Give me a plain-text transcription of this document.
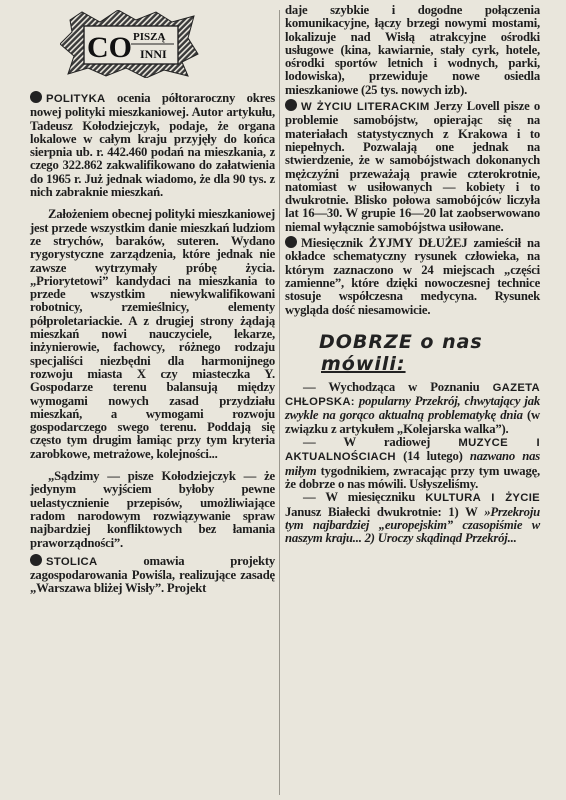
CO PISZĄ
INNI

POLITYKA ocenia półtoraroczny okres nowej polityki mieszkaniowej. Autor artykułu, Tadeusz Kołodziejczyk, podaje, że organa lokalowe w całym kraju przyjęły do końca sierpnia ub. r. 442.460 podań na mieszkania, z czego 322.862 zakwalifikowano do załatwienia do 1965 r. Już jednak wiadomo, że dla 90 tys. z nich zabraknie mieszkań.

Założeniem obecnej polityki mieszkaniowej jest przede wszystkim danie mieszkań ludziom ze strychów, baraków, suteren. Wydano rygorystyczne zarządzenia, które jednak nie zawsze wytrzymały próbę życia. „Priorytetowi” kandydaci na mieszkania to przede wszystkim niewykwalifikowani robotnicy, rzemieślnicy, elementy półproletariackie. A z drugiej strony żądają mieszkań nowi nauczyciele, lekarze, inżynierowie, fachowcy, różnego rodzaju specjaliści niezbędni dla harmonijnego rozwoju miasta X czy miasteczka Y. Gospodarze terenu balansują między wymogami nowych zasad przydziału mieszkań, a wymogami rozwoju gospodarczego swego terenu. Poddają się często tym drugim łamiąc przy tym kryteria zarobkowe, metrażowe, kolejności...

„Sądzimy — pisze Kołodziejczyk — że jedynym wyjściem byłoby pewne uelastycznienie przepisów, umożliwiające radom narodowym rozwiązywanie spraw najbardziej konfliktowych bez łamania praworządności”.

STOLICA	omawia projekty zagospodarowania Powiśla, realizujące zasadę „Warszawa bliżej Wisły”. Projekt

daje szybkie i dogodne połączenia komunikacyjne, łączy brzegi nowymi mostami, lokalizuje nad Wisłą atrakcyjne ośrodki usługowe (kina, kawiarnie, stały cyrk, hotele, ośrodki sportów letnich i wodnych, parki, lodowiska), przewiduje nowe osiedla mieszkaniowe (25 tys. nowych izb).

W ŻYCIU LITERACKIM Jerzy Lovell pisze o problemie samobójstw, opierając się na materiałach statystycznych z Krakowa i to niepełnych. Pozwalają one jednak na stwierdzenie, że w samobójstwach dokonanych mężczyźni przeważają prawie czterokrotnie, natomiast w usiłowanych — kobiety i to dwukrotnie. Blisko połowa samobójców liczyła lat 16—30. W grupie 16—20 lat zaobserwowano niemal wyłącznie samobójstwa usiłowane.

Miesięcznik ŻYJMY DŁUŻEJ zamieścił na okładce schematyczny rysunek człowieka, na którym zaznaczono w 24 miejscach „części zamienne”, które dzięki nowoczesnej technice stosuje współczesna medycyna. Rysunek wygląda dość niesamowicie.

DOBRZE o nas
mówili:

— Wychodząca w Poznaniu GAZETA CHŁOPSKA: popularny Przekrój, chwytający jak zwykle na gorąco aktualną problematykę dnia (w związku z artykułem „Kolejarska walka”).

— W radiowej MUZYCE I AKTUALNOŚCIACH (14 lutego) nazwano nas miłym tygodnikiem, zwracając przy tym uwagę, że dobrze o nas mówili. Usłyszeliśmy.

— W miesięczniku KULTURA I ŻYCIE Janusz Białecki dwukrotnie: 1) W »Przekroju tym najbardziej „europejskim” czasopiśmie w naszym kraju... 2) Uroczy skądinąd Przekrój...
